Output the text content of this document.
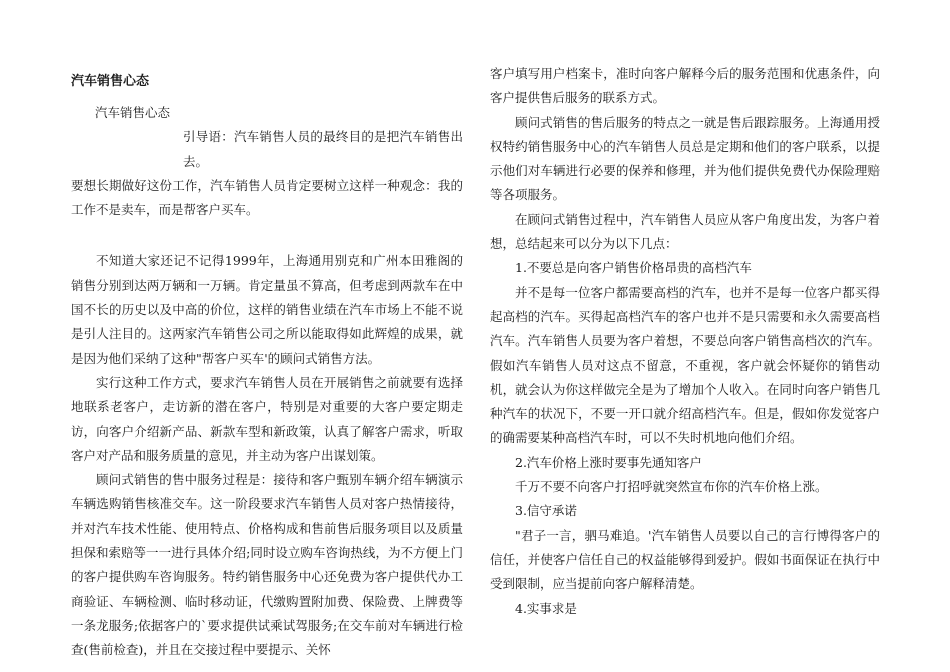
汽车销售心态

汽车销售心态

引导语：汽车销售人员的最终目的是把汽车销售出去。

要想长期做好这份工作，汽车销售人员肯定要树立这样一种观念：我的工作不是卖车，而是帮客户买车。

不知道大家还记不记得1999年，上海通用别克和广州本田雅阁的销售分别到达两万辆和一万辆。肯定量虽不算高，但考虑到两款车在中国不长的历史以及中高的价位，这样的销售业绩在汽车市场上不能不说是引人注目的。这两家汽车销售公司之所以能取得如此辉煌的成果，就是因为他们采纳了这种"帮客户买车'的顾问式销售方法。

实行这种工作方式，要求汽车销售人员在开展销售之前就要有选择地联系老客户，走访新的潜在客户，特别是对重要的大客户要定期走访，向客户介绍新产品、新款车型和新政策，认真了解客户需求，听取客户对产品和服务质量的意见，并主动为客户出谋划策。

顾问式销售的售中服务过程是：接待和客户甄别车辆介绍车辆演示车辆选购销售核准交车。这一阶段要求汽车销售人员对客户热情接待，并对汽车技术性能、使用特点、价格构成和售前售后服务项目以及质量担保和索赔等一一进行具体介绍;同时设立购车咨询热线，为不方便上门的客户提供购车咨询服务。特约销售服务中心还免费为客户提供代办工商验证、车辆检测、临时移动证，代缴购置附加费、保险费、上牌费等一条龙服务;依据客户的`要求提供试乘试驾服务;在交车前对车辆进行检查(售前检查)，并且在交接过程中要提示、关怀

客户填写用户档案卡，准时向客户解释今后的服务范围和优惠条件，向客户提供售后服务的联系方式。

顾问式销售的售后服务的特点之一就是售后跟踪服务。上海通用授权特约销售服务中心的汽车销售人员总是定期和他们的客户联系，以提示他们对车辆进行必要的保养和修理，并为他们提供免费代办保险理赔等各项服务。

在顾问式销售过程中，汽车销售人员应从客户角度出发，为客户着想，总结起来可以分为以下几点：

1.不要总是向客户销售价格昂贵的高档汽车

并不是每一位客户都需要高档的汽车，也并不是每一位客户都买得起高档的汽车。买得起高档汽车的客户也并不是只需要和永久需要高档汽车。汽车销售人员要为客户着想，不要总向客户销售高档次的汽车。假如汽车销售人员对这点不留意，不重视，客户就会怀疑你的销售动机，就会认为你这样做完全是为了增加个人收入。在同时向客户销售几种汽车的状况下，不要一开口就介绍高档汽车。但是，假如你发觉客户的确需要某种高档汽车时，可以不失时机地向他们介绍。

2.汽车价格上涨时要事先通知客户

千万不要不向客户打招呼就突然宣布你的汽车价格上涨。

3.信守承诺

"君子一言，驷马难追。'汽车销售人员要以自己的言行博得客户的信任，并使客户信任自己的权益能够得到爱护。假如书面保证在执行中受到限制，应当提前向客户解释清楚。

4.实事求是
